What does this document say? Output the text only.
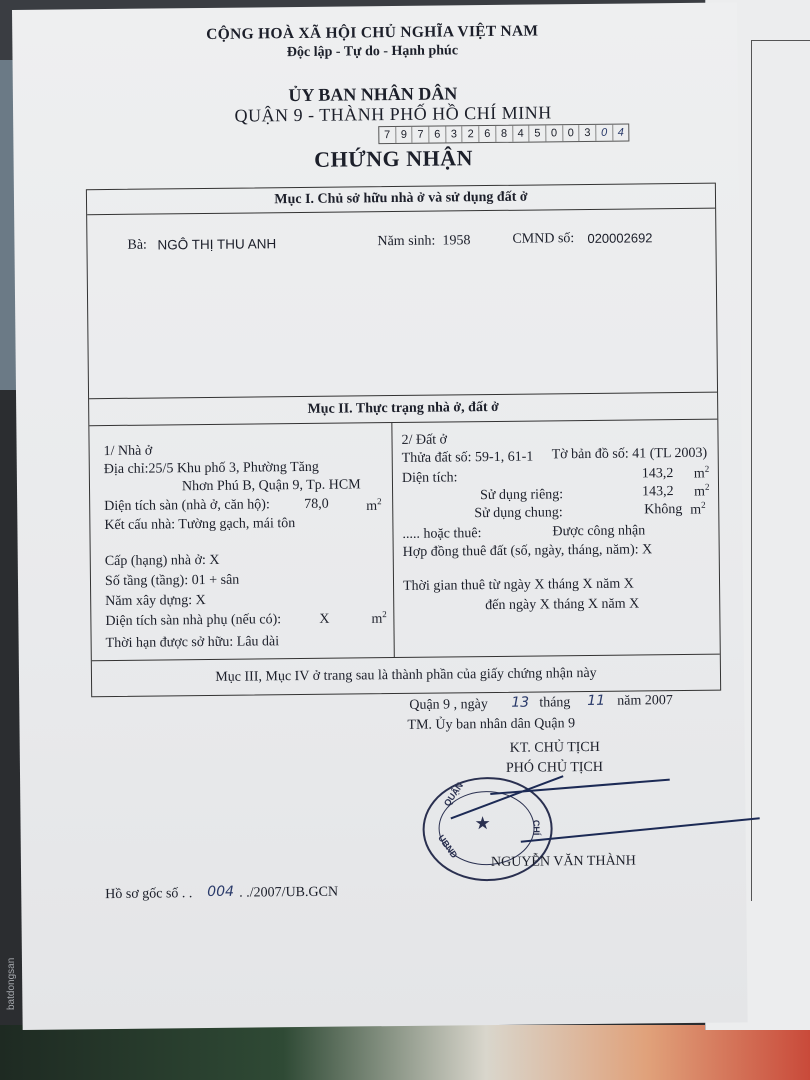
CỘNG HOÀ XÃ HỘI CHỦ NGHĨA VIỆT NAM
Độc lập - Tự do - Hạnh phúc
ỦY BAN NHÂN DÂN
QUẬN 9 - THÀNH PHỐ HỒ CHÍ MINH
7 9 7 6 3 2 6 8 4 5 0 0 3 0 4
CHỨNG NHẬN
Mục I. Chủ sở hữu nhà ở và sử dụng đất ở
Bà: NGÔ THỊ THU ANH	Năm sinh: 1958	CMND số: 020002692
Mục II. Thực trạng nhà ở, đất ở
1/ Nhà ở
Địa chỉ:25/5 Khu phố 3, Phường Tăng
Nhơn Phú B, Quận 9, Tp. HCM
Diện tích sàn (nhà ở, căn hộ): 78,0	$m^2$
Kết cấu nhà: Tường gạch, mái tôn
Cấp (hạng) nhà ở: X
Số tầng (tầng): 01 + sân
Năm xây dựng: X
Diện tích sàn nhà phụ (nếu có):	X	$m^2$
Thời hạn được sở hữu: Lâu dài
2/ Đất ở
Thửa đất số: 59-1, 61-1 Tờ bản đồ số: 41 (TL 2003)
Diện tích:	143,2 $m^2$
Sử dụng riêng:	143,2 $m^2$
Sử dụng chung:	Không $m^2$
..... hoặc thuê:	Được công nhận
Hợp đồng thuê đất (số, ngày, tháng, năm): X
Thời gian thuê từ ngày X tháng X năm X
đến ngày X tháng X năm X
Mục III, Mục IV ở trang sau là thành phần của giấy chứng nhận này
Quận 9 , ngày 13 tháng 11 năm 2007
TM. Ủy ban nhân dân Quận 9
KT. CHỦ TỊCH
PHÓ CHỦ TỊCH
★
QUẬN
UBND
CHÍ
NGUYỄN VĂN THÀNH
Hồ sơ gốc số . . 004 . ./2007/UB.GCN
batdongsan
